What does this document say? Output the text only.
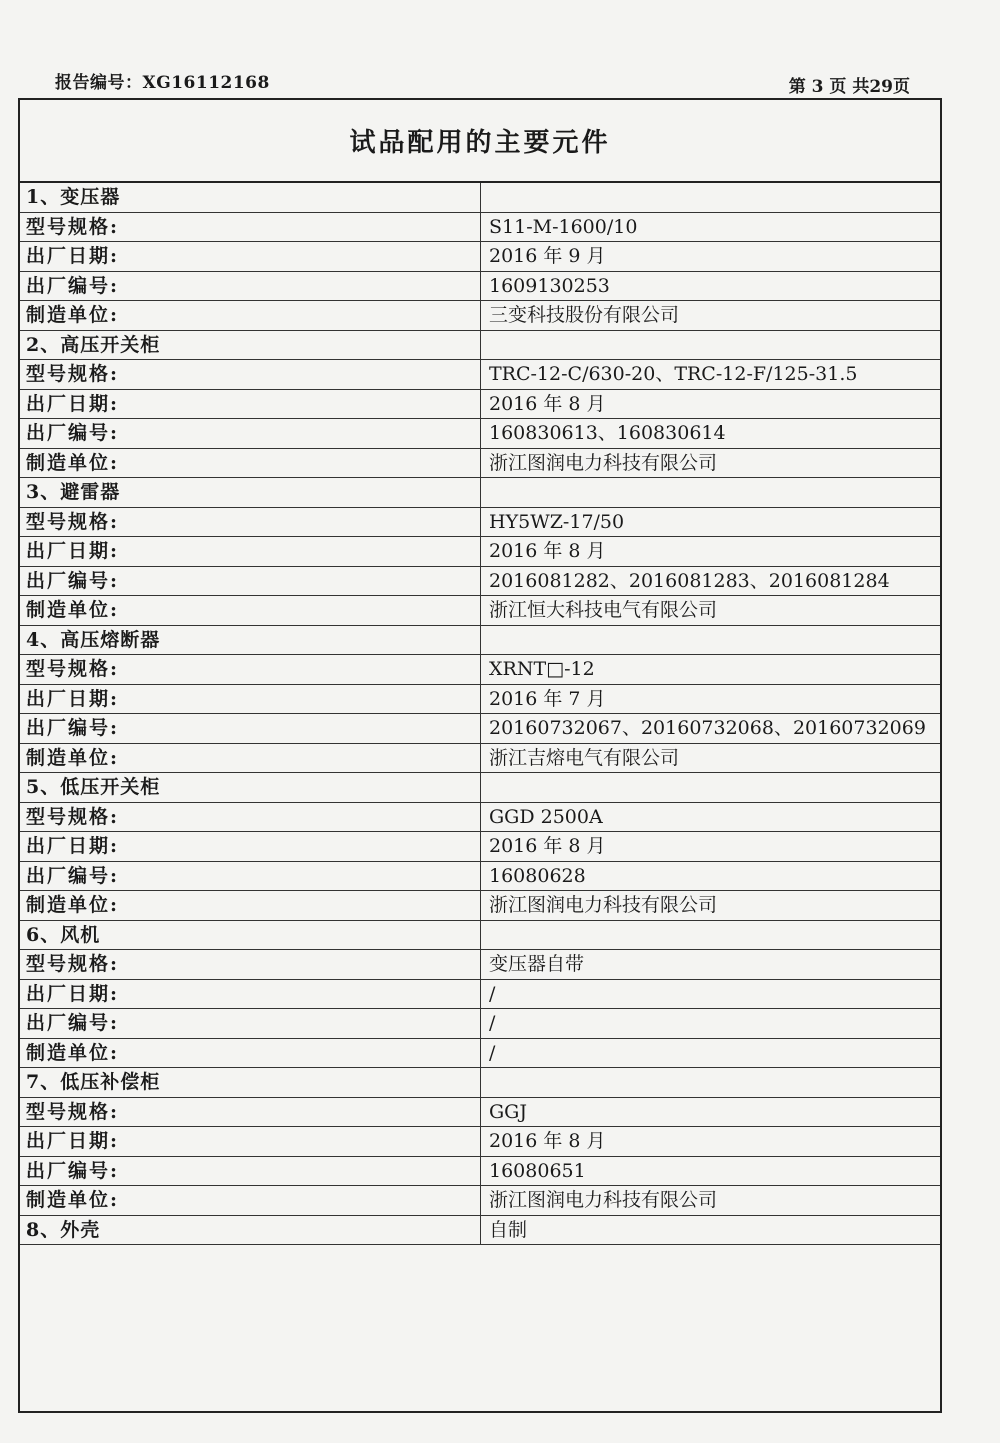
报告编号：XG16112168	第 3 页 共29页
试品配用的主要元件
1、变压器	
型号规格:	S11-M-1600/10
出厂日期:	2016 年 9 月
出厂编号:	1609130253
制造单位:	三变科技股份有限公司
2、高压开关柜	
型号规格:	TRC-12-C/630-20、TRC-12-F/125-31.5
出厂日期:	2016 年 8 月
出厂编号:	160830613、160830614
制造单位:	浙江图润电力科技有限公司
3、避雷器	
型号规格:	HY5WZ-17/50
出厂日期:	2016 年 8 月
出厂编号:	2016081282、2016081283、2016081284
制造单位:	浙江恒大科技电气有限公司
4、高压熔断器	
型号规格:	XRNT□-12
出厂日期:	2016 年 7 月
出厂编号:	20160732067、20160732068、20160732069
制造单位:	浙江吉熔电气有限公司
5、低压开关柜	
型号规格:	GGD 2500A
出厂日期:	2016 年 8 月
出厂编号:	16080628
制造单位:	浙江图润电力科技有限公司
6、风机	
型号规格:	变压器自带
出厂日期:	/
出厂编号:	/
制造单位:	/
7、低压补偿柜	
型号规格:	GGJ
出厂日期:	2016 年 8 月
出厂编号:	16080651
制造单位:	浙江图润电力科技有限公司
8、外壳	自制
